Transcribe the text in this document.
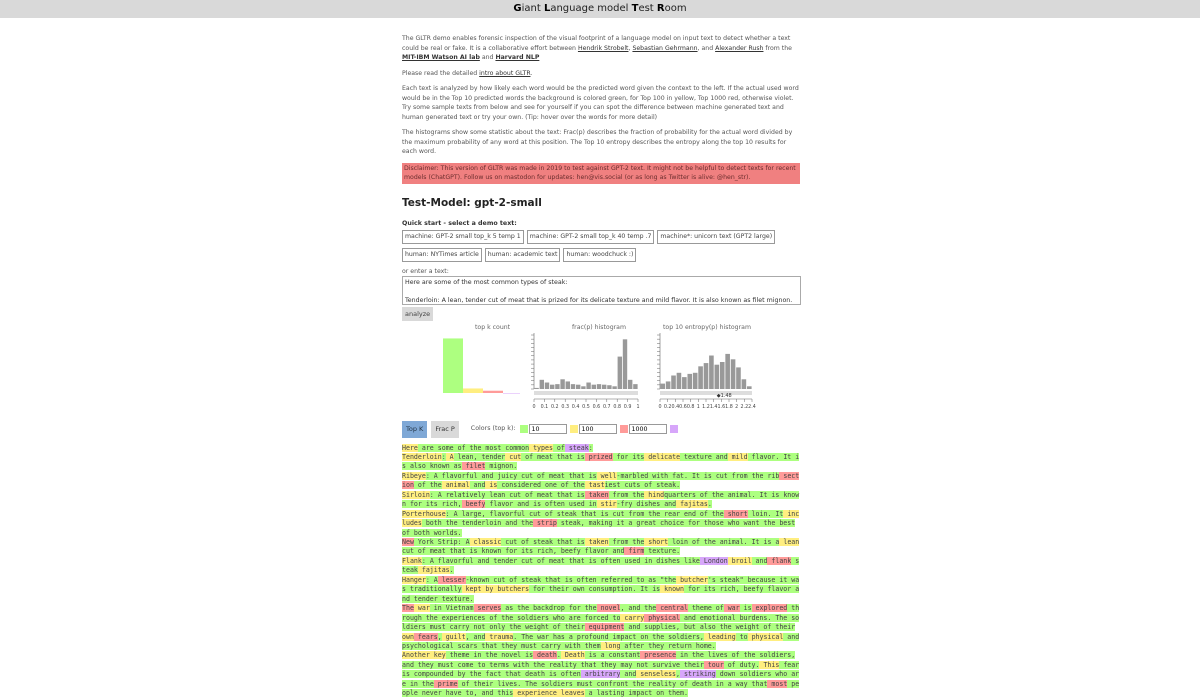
Giant Language model Test Room
The GLTR demo enables forensic inspection of the visual footprint of a language model on input text to detect whether a text could be real or fake. It is a collaborative effort between Hendrik Strobelt, Sebastian Gehrmann, and Alexander Rush from the MIT-IBM Watson AI lab and Harvard NLP
Please read the detailed intro about GLTR.
Each text is analyzed by how likely each word would be the predicted word given the context to the left. If the actual used word would be in the Top 10 predicted words the background is colored green, for Top 100 in yellow, Top 1000 red, otherwise violet. Try some sample texts from below and see for yourself if you can spot the difference between machine generated text and human generated text or try your own. (Tip: hover over the words for more detail)
The histograms show some statistic about the text: Frac(p) describes the fraction of probability for the actual word divided by the maximum probability of any word at this position. The Top 10 entropy describes the entropy along the top 10 results for each word.
Disclaimer: This version of GLTR was made in 2019 to test against GPT-2 text. It might not be helpful to detect texts for recent models (ChatGPT). Follow us on mastodon for updates: hen@vis.social (or as long as Twitter is alive: @hen_str).
Test-Model: gpt-2-small
Quick start - select a demo text:
machine: GPT-2 small top_k 5 temp 1	machine: GPT-2 small top_k 40 temp .7	machine*: unicorn text (GPT2 large)
human: NYTimes article	human: academic text	human: woodchuck :)
or enter a text:
Here are some of the most common types of steak: Tenderloin: A lean, tender cut of meat that is prized for its delicate texture and mild flavor. It is also known as filet mignon. analyze
top k count	frac(p) histogram	top 10 entropy(p) histogram
0 0.1 0.2 0.3 0.4 0.5 0.6 0.7 0.8 0.9 1	0 0.2 0.4 0.6 0.8 1 1.2 1.4 1.6 1.8 2 2.2 2.4
◆1.48
Top K	Frac P	Colors (top k):
10
100
1000
Here are some of the most common types of steak:
Tenderloin: A lean, tender cut of meat that is prized for its delicate texture and mild flavor. It is also known as filet mignon.
Ribeye: A flavorful and juicy cut of meat that is well-marbled with fat. It is cut from the rib section of the animal and is considered one of the tastiest cuts of steak.
Sirloin: A relatively lean cut of meat that is taken from the hindquarters of the animal. It is known for its rich, beefy flavor and is often used in stir-fry dishes and fajitas.
Porterhouse: A large, flavorful cut of steak that is cut from the rear end of the short loin. It includes both the tenderloin and the strip steak, making it a great choice for those who want the best of both worlds.
New York Strip: A classic cut of steak that is taken from the short loin of the animal. It is a lean cut of meat that is known for its rich, beefy flavor and firm texture.
Flank: A flavorful and tender cut of meat that is often used in dishes like London broil and flank steak fajitas.
Hanger: A lesser-known cut of steak that is often referred to as "the butcher's steak" because it was traditionally kept by butchers for their own consumption. It is known for its rich, beefy flavor and tender texture.
The war in Vietnam serves as the backdrop for the novel, and the central theme of war is explored through the experiences of the soldiers who are forced to carry physical and emotional burdens. The soldiers must carry not only the weight of their equipment and supplies, but also the weight of their own fears, guilt, and trauma. The war has a profound impact on the soldiers, leading to physical and psychological scars that they must carry with them long after they return home.
Another key theme in the novel is death. Death is a constant presence in the lives of the soldiers, and they must come to terms with the reality that they may not survive their tour of duty. This fear is compounded by the fact that death is often arbitrary and senseless, striking down soldiers who are in the prime of their lives. The soldiers must confront the reality of death in a way that most people never have to, and this experience leaves a lasting impact on them.
